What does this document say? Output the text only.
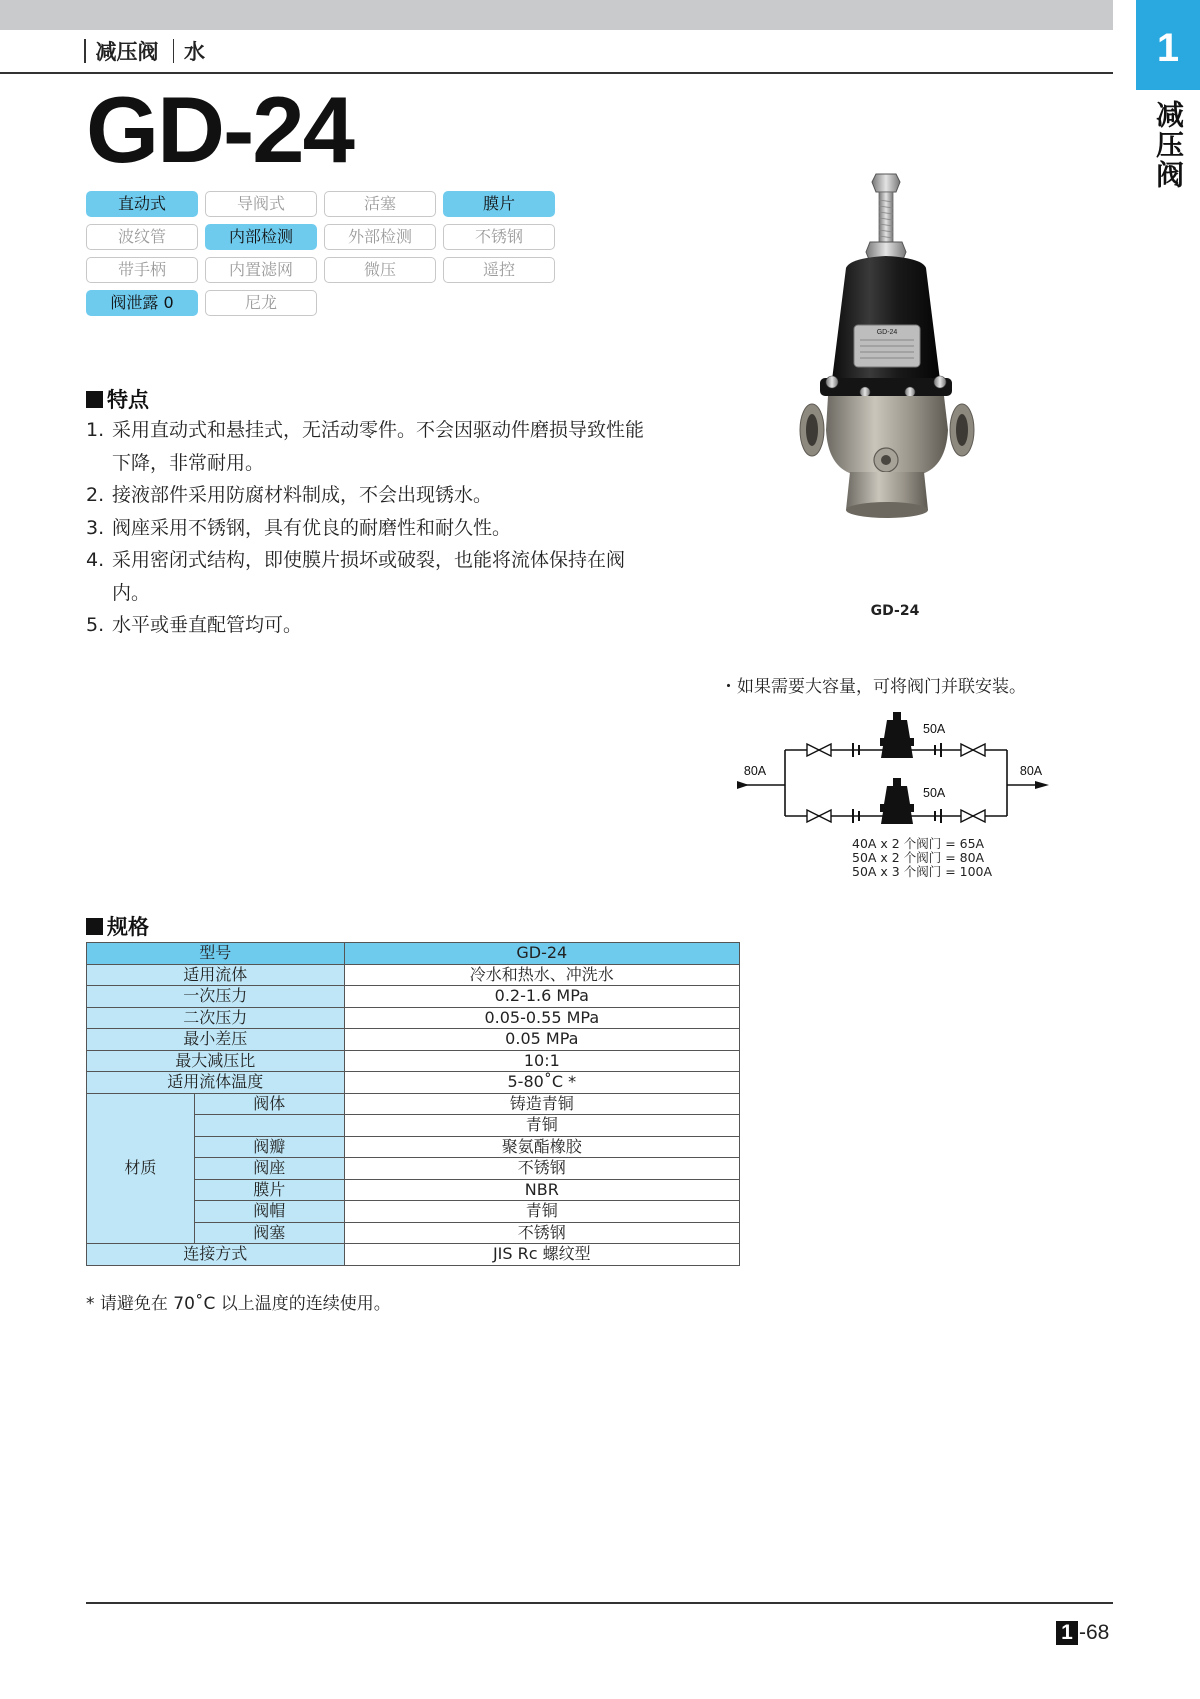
1
减压阀
减压阀 水
GD-24
直动式	导阀式	活塞	膜片
波纹管	内部检测	外部检测	不锈钢
带手柄	内置滤网	微压	遥控
阀泄露 0	尼龙
特点
1. 采用直动式和悬挂式，无活动零件。不会因驱动件磨损导致性能下降，非常耐用。
2. 接液部件采用防腐材料制成，不会出现锈水。
3. 阀座采用不锈钢，具有优良的耐磨性和耐久性。
4. 采用密闭式结构，即使膜片损坏或破裂，也能将流体保持在阀内。
5. 水平或垂直配管均可。
GD-24
GD-24
・如果需要大容量，可将阀门并联安装。
80A	80A
50A
50A
40A x 2 个阀门 = 65A
50A x 2 个阀门 = 80A
50A x 3 个阀门 = 100A
规格
型号		GD-24
适用流体		冷水和热水、冲洗水
一次压力		0.2-1.6 MPa
二次压力		0.05-0.55 MPa
最小差压		0.05 MPa
最大减压比		10:1
适用流体温度		5-80˚C *
材质	阀体	铸造青铜
		青铜
	阀瓣	聚氨酯橡胶
	阀座	不锈钢
	膜片	NBR
	阀帽	青铜
	阀塞	不锈钢
连接方式		JIS Rc 螺纹型
* 请避免在 70˚C 以上温度的连续使用。
1 -68
